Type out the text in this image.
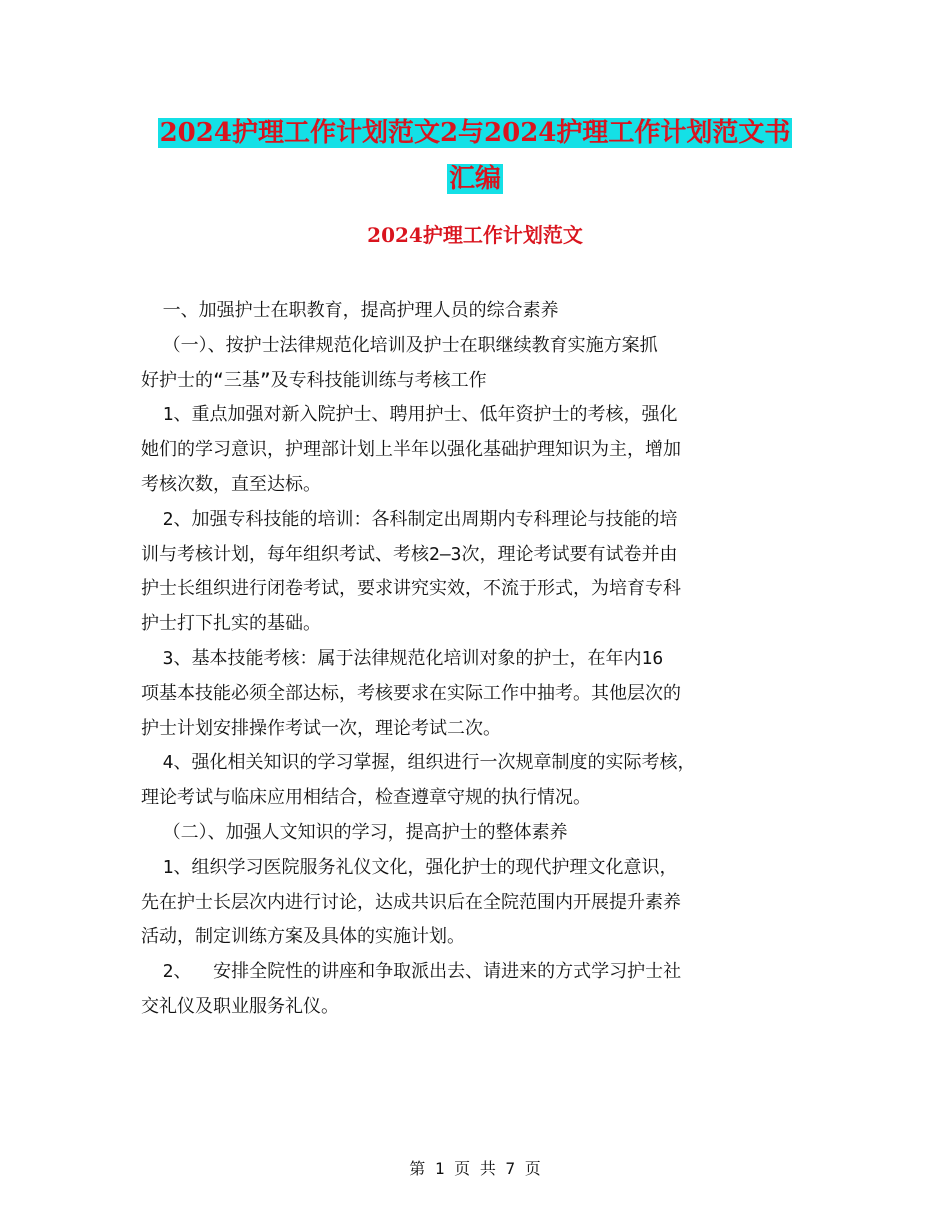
2024护理工作计划范文2与2024护理工作计划范文书
汇编
2024护理工作计划范文
一、加强护士在职教育，提高护理人员的综合素养
（一）、按护士法律规范化培训及护士在职继续教育实施方案抓
好护士的“三基”及专科技能训练与考核工作
1、重点加强对新入院护士、聘用护士、低年资护士的考核，强化
她们的学习意识，护理部计划上半年以强化基础护理知识为主，增加
考核次数，直至达标。
2、加强专科技能的培训：各科制定出周期内专科理论与技能的培
训与考核计划，每年组织考试、考核2—3次，理论考试要有试卷并由
护士长组织进行闭卷考试，要求讲究实效，不流于形式，为培育专科
护士打下扎实的基础。
3、基本技能考核：属于法律规范化培训对象的护士，在年内16
项基本技能必须全部达标，考核要求在实际工作中抽考。其他层次的
护士计划安排操作考试一次，理论考试二次。
4、强化相关知识的学习掌握，组织进行一次规章制度的实际考核，
理论考试与临床应用相结合，检查遵章守规的执行情况。
（二）、加强人文知识的学习，提高护士的整体素养
1、组织学习医院服务礼仪文化，强化护士的现代护理文化意识，
先在护士长层次内进行讨论，达成共识后在全院范围内开展提升素养
活动，制定训练方案及具体的实施计划。
2、  安排全院性的讲座和争取派出去、请进来的方式学习护士社
交礼仪及职业服务礼仪。
第 1 页 共 7 页
